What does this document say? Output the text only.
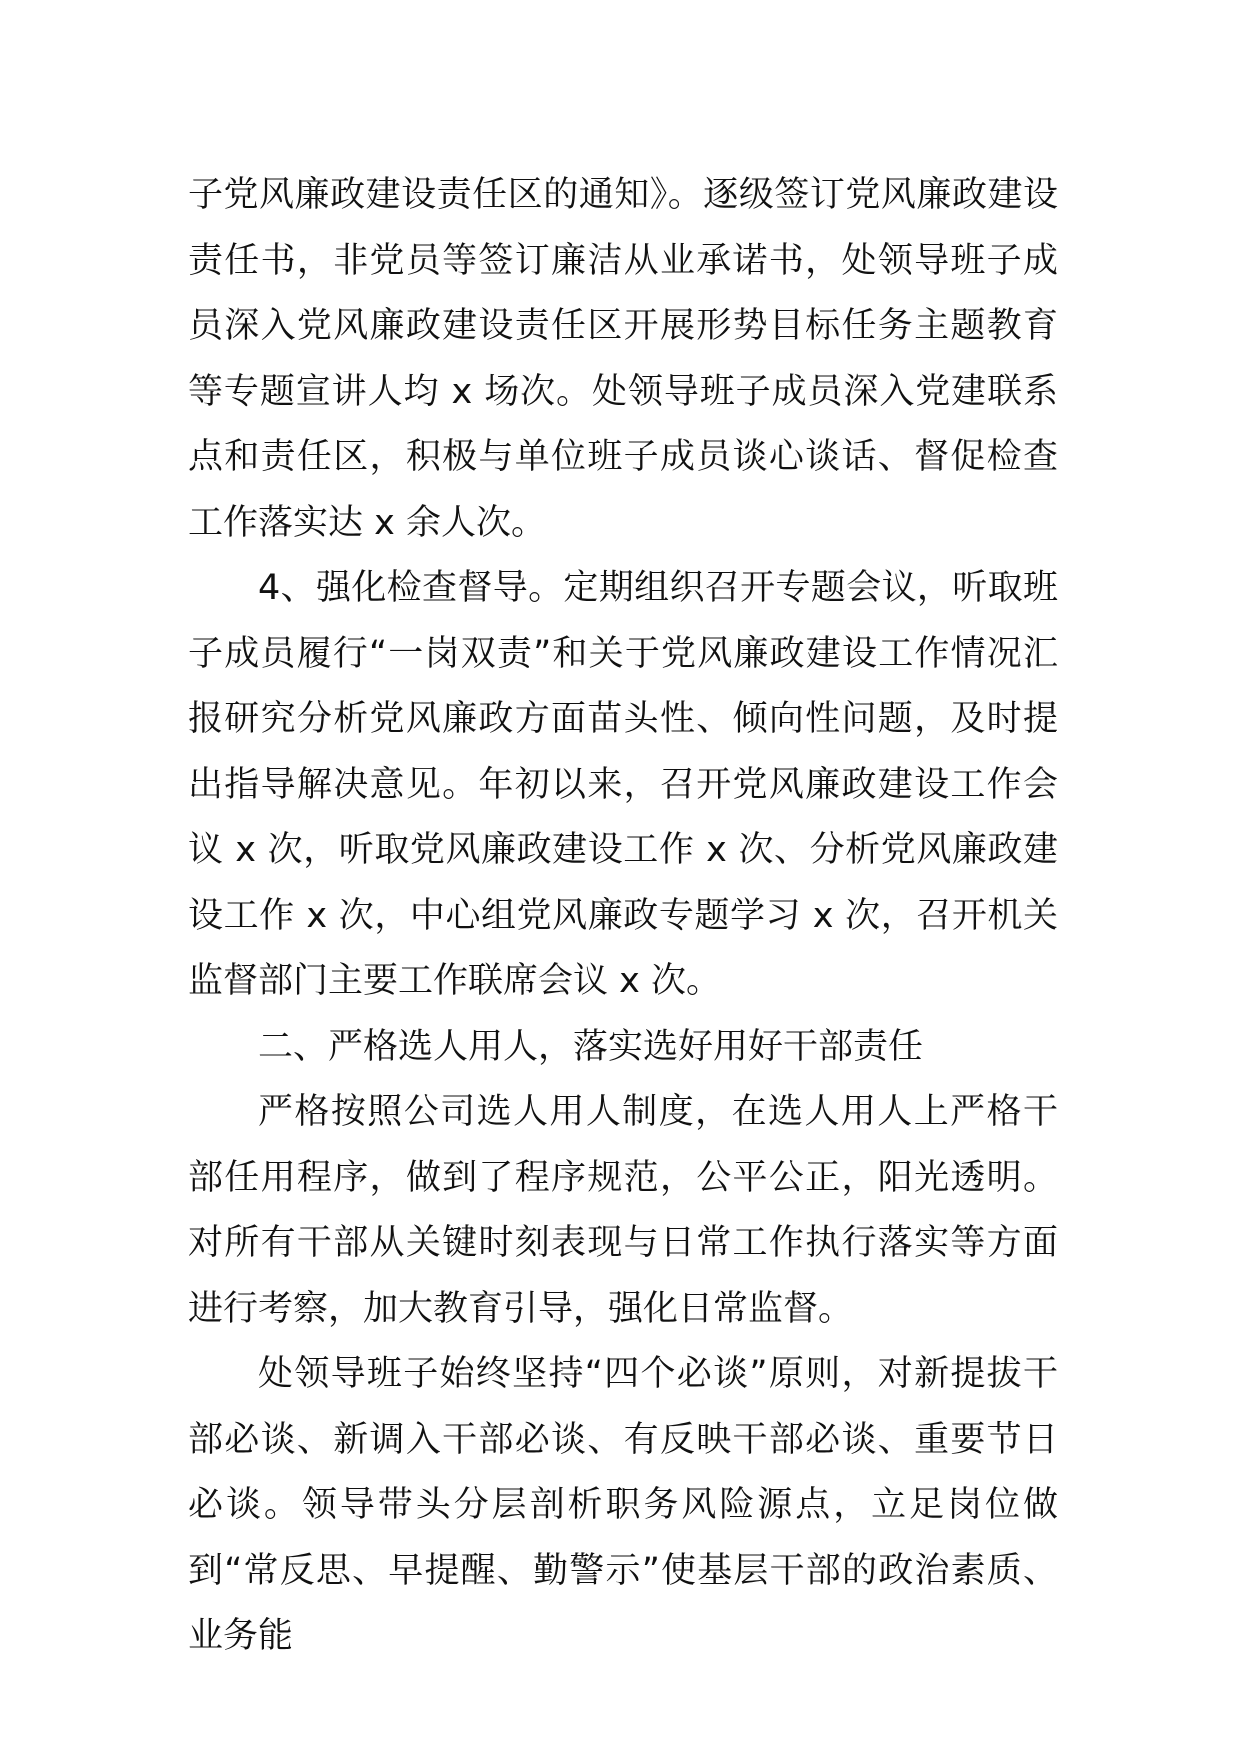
子党风廉政建设责任区的通知》。逐级签订党风廉政建设责任书，非党员等签订廉洁从业承诺书，处领导班子成员深入党风廉政建设责任区开展形势目标任务主题教育等专题宣讲人均 x 场次。处领导班子成员深入党建联系点和责任区，积极与单位班子成员谈心谈话、督促检查工作落实达 x 余人次。

4、强化检查督导。定期组织召开专题会议，听取班子成员履行“一岗双责”和关于党风廉政建设工作情况汇报研究分析党风廉政方面苗头性、倾向性问题，及时提出指导解决意见。年初以来，召开党风廉政建设工作会议 x 次，听取党风廉政建设工作 x 次、分析党风廉政建设工作 x 次，中心组党风廉政专题学习 x 次，召开机关监督部门主要工作联席会议 x 次。

二、严格选人用人，落实选好用好干部责任

严格按照公司选人用人制度，在选人用人上严格干部任用程序，做到了程序规范，公平公正，阳光透明。对所有干部从关键时刻表现与日常工作执行落实等方面进行考察，加大教育引导，强化日常监督。

处领导班子始终坚持“四个必谈”原则，对新提拔干部必谈、新调入干部必谈、有反映干部必谈、重要节日必谈。领导带头分层剖析职务风险源点，立足岗位做到“常反思、早提醒、勤警示”使基层干部的政治素质、业务能
